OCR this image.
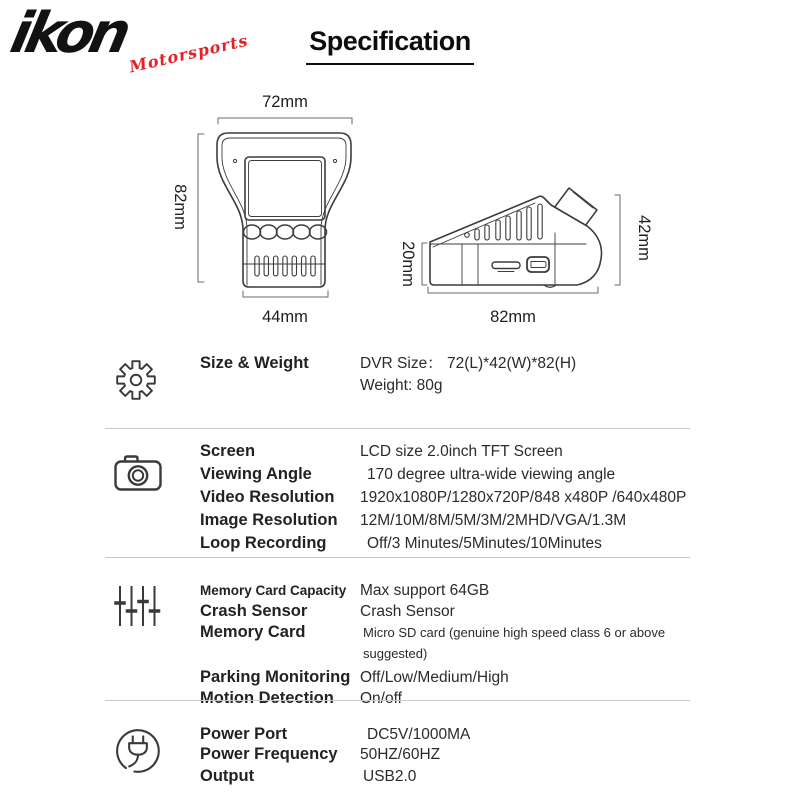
ikon
Motorsports Specification
72mm
82mm
44mm
20mm
42mm
82mm
Size & Weight	DVR Size： 72(L)*42(W)*82(H)
Weight: 80g
Screen	LCD size 2.0inch TFT Screen
Viewing Angle	170 degree ultra-wide viewing angle
Video Resolution	1920x1080P/1280x720P/848 x480P /640x480P
Image Resolution	12M/10M/8M/5M/3M/2MHD/VGA/1.3M
Loop Recording	Off/3 Minutes/5Minutes/10Minutes
Memory Card Capacity Max support 64GB
Crash Sensor	Crash Sensor
Memory Card	Micro SD card (genuine high speed class 6 or above suggested)
Parking Monitoring Off/Low/Medium/High
Motion Detection	On/off
Power Port	DC5V/1000MA
Power Frequency	50HZ/60HZ
Output	USB2.0
